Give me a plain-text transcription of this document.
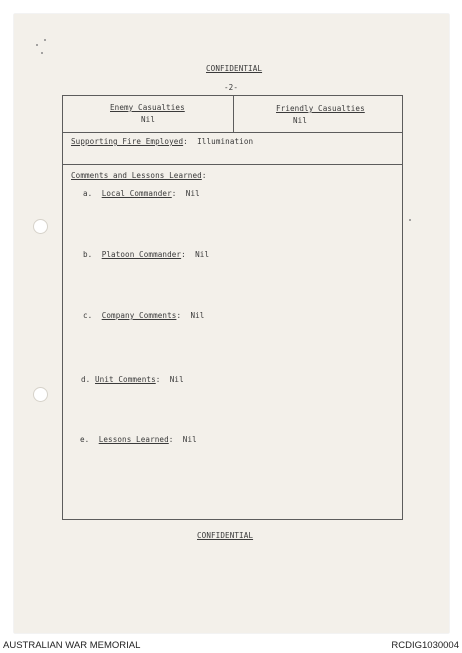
CONFIDENTIAL
-2-
Enemy Casualties
Nil
Friendly Casualties
Nil
Supporting Fire Employed:  Illumination
Comments and Lessons Learned:
a. Local Commander:  Nil
b. Platoon Commander:  Nil
c. Company Comments:  Nil
d. Unit Comments:  Nil
e. Lessons Learned:  Nil
CONFIDENTIAL
AUSTRALIAN WAR MEMORIAL	RCDIG1030004
